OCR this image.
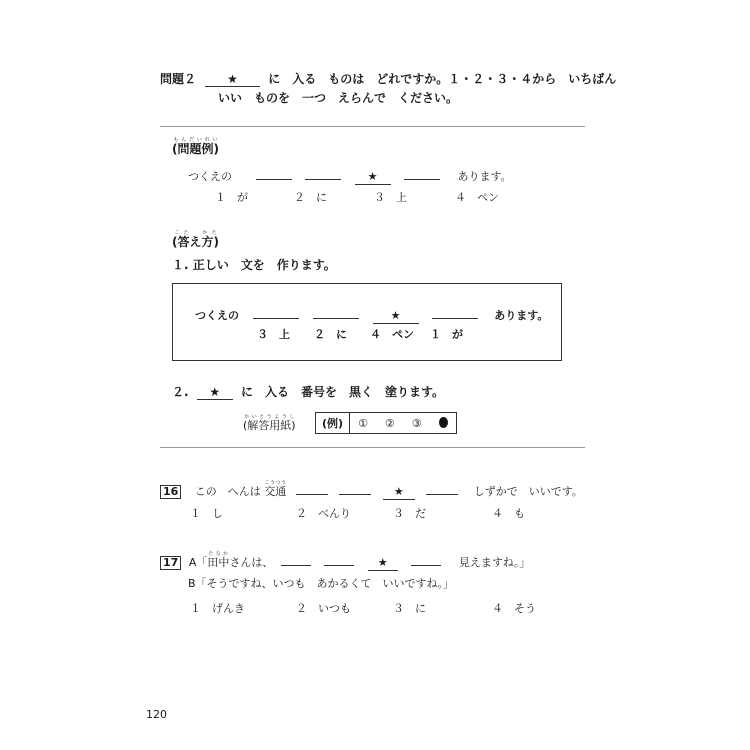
問題２	★	に　入る　ものは　どれですか。１・２・３・４から　いちばん
いい　ものを　一つ　えらんで　ください。
(問題例)もんだいれい
つくえの	★	あります。
１　が	２　に	３　上	４　ペン
(答え方)こた　 かた
１. 正しい　文を　作ります。
つくえの	★	あります。
３　上 ２　に ４　ペン １　が
２. ★ に　入る　番号を　黒く　塗ります。
(解答用紙)かいとうようし	(例)	①　②　③　
16 この　へんは 交通こうつう   ★	しずかで　いいです。
１　し	２　べんり	３　だ	４　も
17 A「田中たなかさんは、	★	見えますね。」
B「そうですね、いつも　あかるくて　いいですね。」
１　げんき	２　いつも	３　に	４　そう
120
